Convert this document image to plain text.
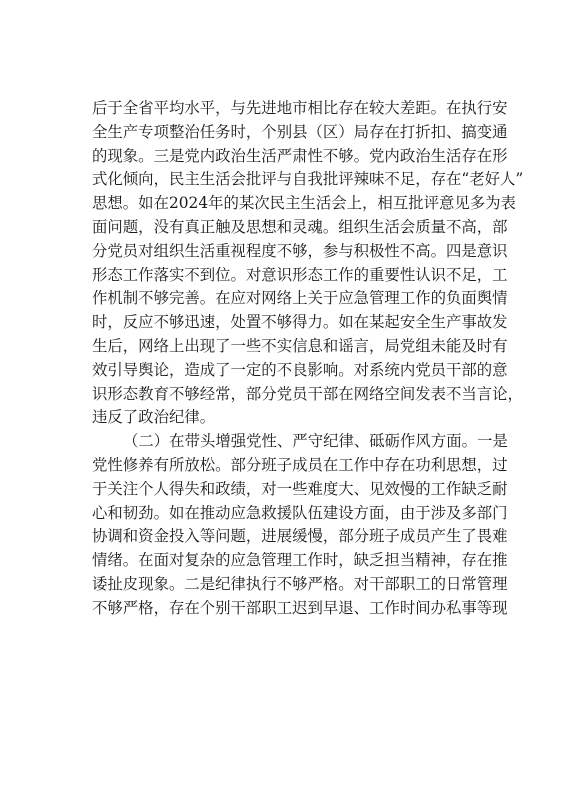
后于全省平均水平，与先进地市相比存在较大差距。在执行安
全生产专项整治任务时，个别县（区）局存在打折扣、搞变通
的现象。三是党内政治生活严肃性不够。党内政治生活存在形
式化倾向，民主生活会批评与自我批评辣味不足，存在“老好人”
思想。如在2024年的某次民主生活会上，相互批评意见多为表
面问题，没有真正触及思想和灵魂。组织生活会质量不高，部
分党员对组织生活重视程度不够，参与积极性不高。四是意识
形态工作落实不到位。对意识形态工作的重要性认识不足，工
作机制不够完善。在应对网络上关于应急管理工作的负面舆情
时，反应不够迅速，处置不够得力。如在某起安全生产事故发
生后，网络上出现了一些不实信息和谣言，局党组未能及时有
效引导舆论，造成了一定的不良影响。对系统内党员干部的意
识形态教育不够经常，部分党员干部在网络空间发表不当言论，
违反了政治纪律。
（二）在带头增强党性、严守纪律、砥砺作风方面。一是
党性修养有所放松。部分班子成员在工作中存在功利思想，过
于关注个人得失和政绩，对一些难度大、见效慢的工作缺乏耐
心和韧劲。如在推动应急救援队伍建设方面，由于涉及多部门
协调和资金投入等问题，进展缓慢，部分班子成员产生了畏难
情绪。在面对复杂的应急管理工作时，缺乏担当精神，存在推
诿扯皮现象。二是纪律执行不够严格。对干部职工的日常管理
不够严格，存在个别干部职工迟到早退、工作时间办私事等现
